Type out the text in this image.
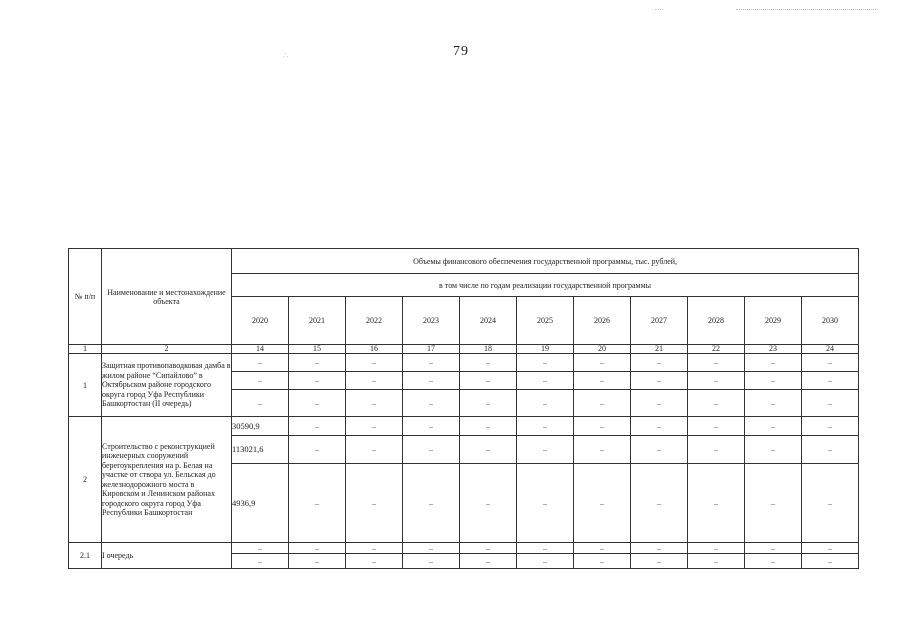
∴	79
№ п/п	Наименование и местонахождение объекта	Объемы финансового обеспечения государственной программы, тыс. рублей,										
		в том числе по годам реализации государственной программы										
		2020	2021	2022	2023	2024	2025	2026	2027	2028	2029	2030
1	2	14	15	16	17	18	19	20	21	22	23	24
1	Защитная противопаводковая дамба в жилом районе “Сипайлово” в Октябрьском районе городского округа город Уфа Республики Башкортостан (II очередь)	–	–	–	–	–	–	–	–	–	–	–
		–	–	–	–	–	–	–	–	–	–	–
		–	–	–	–	–	–	–	–	–	–	–
2	Строительство с реконструкцией инженерных сооружений берегоукрепления на р. Белая на участке от створа ул. Бельская до железнодорожного моста в Кировском и Ленинском районах городского округа город Уфа Республики Башкортостан	30590,9	–	–	–	–	–	–	–	–	–	–
		113021,6	–	–	–	–	–	–	–	–	–	–
		4936,9	–	–	–	–	–	–	–	–	–	–
2.1	I очередь	–	–	–	–	–	–	–	–	–	–	–
		–	–	–	–	–	–	–	–	–	–	–
